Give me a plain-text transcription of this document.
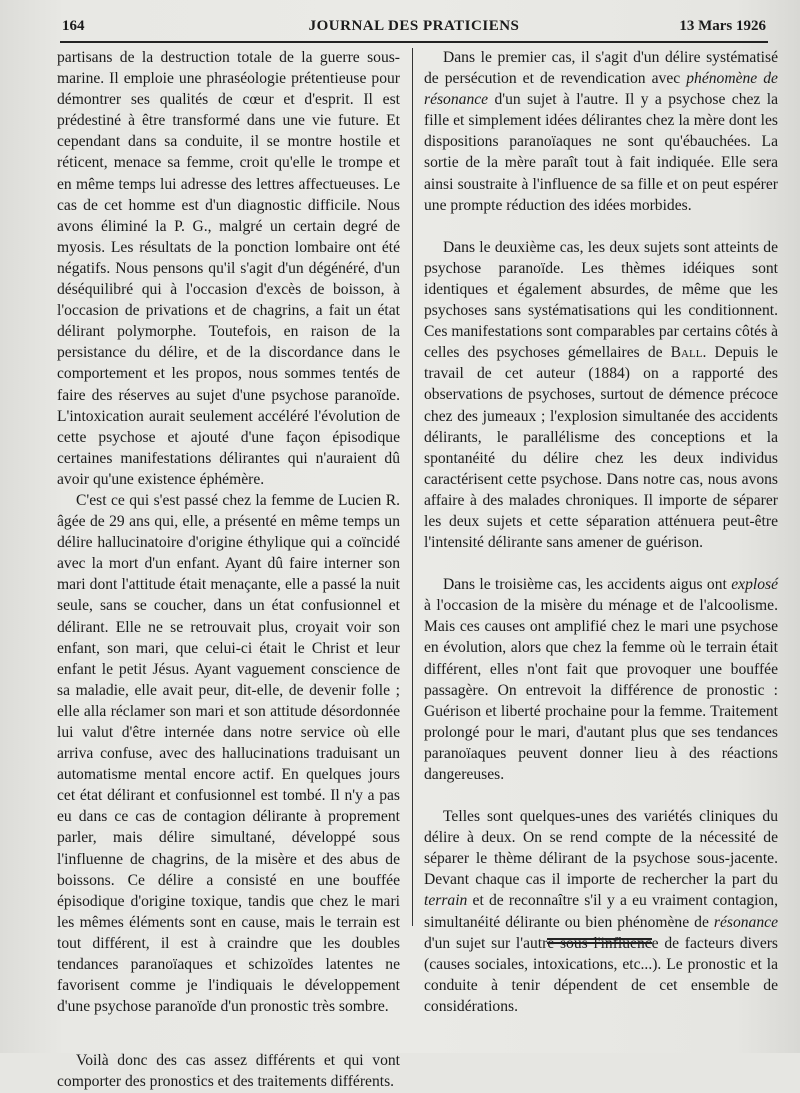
164	JOURNAL DES PRATICIENS	13 Mars 1926

partisans de la destruction totale de la guerre sous-marine. Il emploie une phraséologie prétentieuse pour démontrer ses qualités de cœur et d'esprit. Il est prédestiné à être transformé dans une vie future. Et cependant dans sa conduite, il se montre hostile et réticent, menace sa femme, croit qu'elle le trompe et en même temps lui adresse des lettres affectueuses. Le cas de cet homme est d'un diagnostic difficile. Nous avons éliminé la P. G., malgré un certain degré de myosis. Les résultats de la ponction lombaire ont été négatifs. Nous pensons qu'il s'agit d'un dégénéré, d'un déséquilibré qui à l'occasion d'excès de boisson, à l'occasion de privations et de chagrins, a fait un état délirant polymorphe. Toutefois, en raison de la persistance du délire, et de la discordance dans le comportement et les propos, nous sommes tentés de faire des réserves au sujet d'une psychose paranoïde. L'intoxication aurait seulement accéléré l'évolution de cette psychose et ajouté d'une façon épisodique certaines manifestations délirantes qui n'auraient dû avoir qu'une existence éphémère.

C'est ce qui s'est passé chez la femme de Lucien R. âgée de 29 ans qui, elle, a présenté en même temps un délire hallucinatoire d'origine éthylique qui a coïncidé avec la mort d'un enfant. Ayant dû faire interner son mari dont l'attitude était menaçante, elle a passé la nuit seule, sans se coucher, dans un état confusionnel et délirant. Elle ne se retrouvait plus, croyait voir son enfant, son mari, que celui-ci était le Christ et leur enfant le petit Jésus. Ayant vaguement conscience de sa maladie, elle avait peur, dit-elle, de devenir folle ; elle alla réclamer son mari et son attitude désordonnée lui valut d'être internée dans notre service où elle arriva confuse, avec des hallucinations traduisant un automatisme mental encore actif. En quelques jours cet état délirant et confusionnel est tombé. Il n'y a pas eu dans ce cas de contagion délirante à proprement parler, mais délire simultané, développé sous l'influenne de chagrins, de la misère et des abus de boissons. Ce délire a consisté en une bouffée épisodique d'origine toxique, tandis que chez le mari les mêmes éléments sont en cause, mais le terrain est tout différent, il est à craindre que les doubles tendances paranoïaques et schizoïdes latentes ne favorisent comme je l'indiquais le développement d'une psychose paranoïde d'un pronostic très sombre.

Voilà donc des cas assez différents et qui vont comporter des pronostics et des traitements différents.

Dans le premier cas, il s'agit d'un délire systématisé de persécution et de revendication avec phénomène de résonance d'un sujet à l'autre. Il y a psychose chez la fille et simplement idées délirantes chez la mère dont les dispositions paranoïaques ne sont qu'ébauchées. La sortie de la mère paraît tout à fait indiquée. Elle sera ainsi soustraite à l'influence de sa fille et on peut espérer une prompte réduction des idées morbides.

Dans le deuxième cas, les deux sujets sont atteints de psychose paranoïde. Les thèmes idéiques sont identiques et également absurdes, de même que les psychoses sans systématisations qui les conditionnent. Ces manifestations sont comparables par certains côtés à celles des psychoses gémellaires de Ball. Depuis le travail de cet auteur (1884) on a rapporté des observations de psychoses, surtout de démence précoce chez des jumeaux ; l'explosion simultanée des accidents délirants, le parallélisme des conceptions et la spontanéité du délire chez les deux individus caractérisent cette psychose. Dans notre cas, nous avons affaire à des malades chroniques. Il importe de séparer les deux sujets et cette séparation atténuera peut-être l'intensité délirante sans amener de guérison.

Dans le troisième cas, les accidents aigus ont explosé à l'occasion de la misère du ménage et de l'alcoolisme. Mais ces causes ont amplifié chez le mari une psychose en évolution, alors que chez la femme où le terrain était différent, elles n'ont fait que provoquer une bouffée passagère. On entrevoit la différence de pronostic : Guérison et liberté prochaine pour la femme. Traitement prolongé pour le mari, d'autant plus que ses tendances paranoïaques peuvent donner lieu à des réactions dangereuses.

Telles sont quelques-unes des variétés cliniques du délire à deux. On se rend compte de la nécessité de séparer le thème délirant de la psychose sous-jacente. Devant chaque cas il importe de rechercher la part du terrain et de reconnaître s'il y a eu vraiment contagion, simultanéité délirante ou bien phénomène de résonance d'un sujet sur l'autre sous l'influence de facteurs divers (causes sociales, intoxications, etc...). Le pronostic et la conduite à tenir dépendent de cet ensemble de considérations.
